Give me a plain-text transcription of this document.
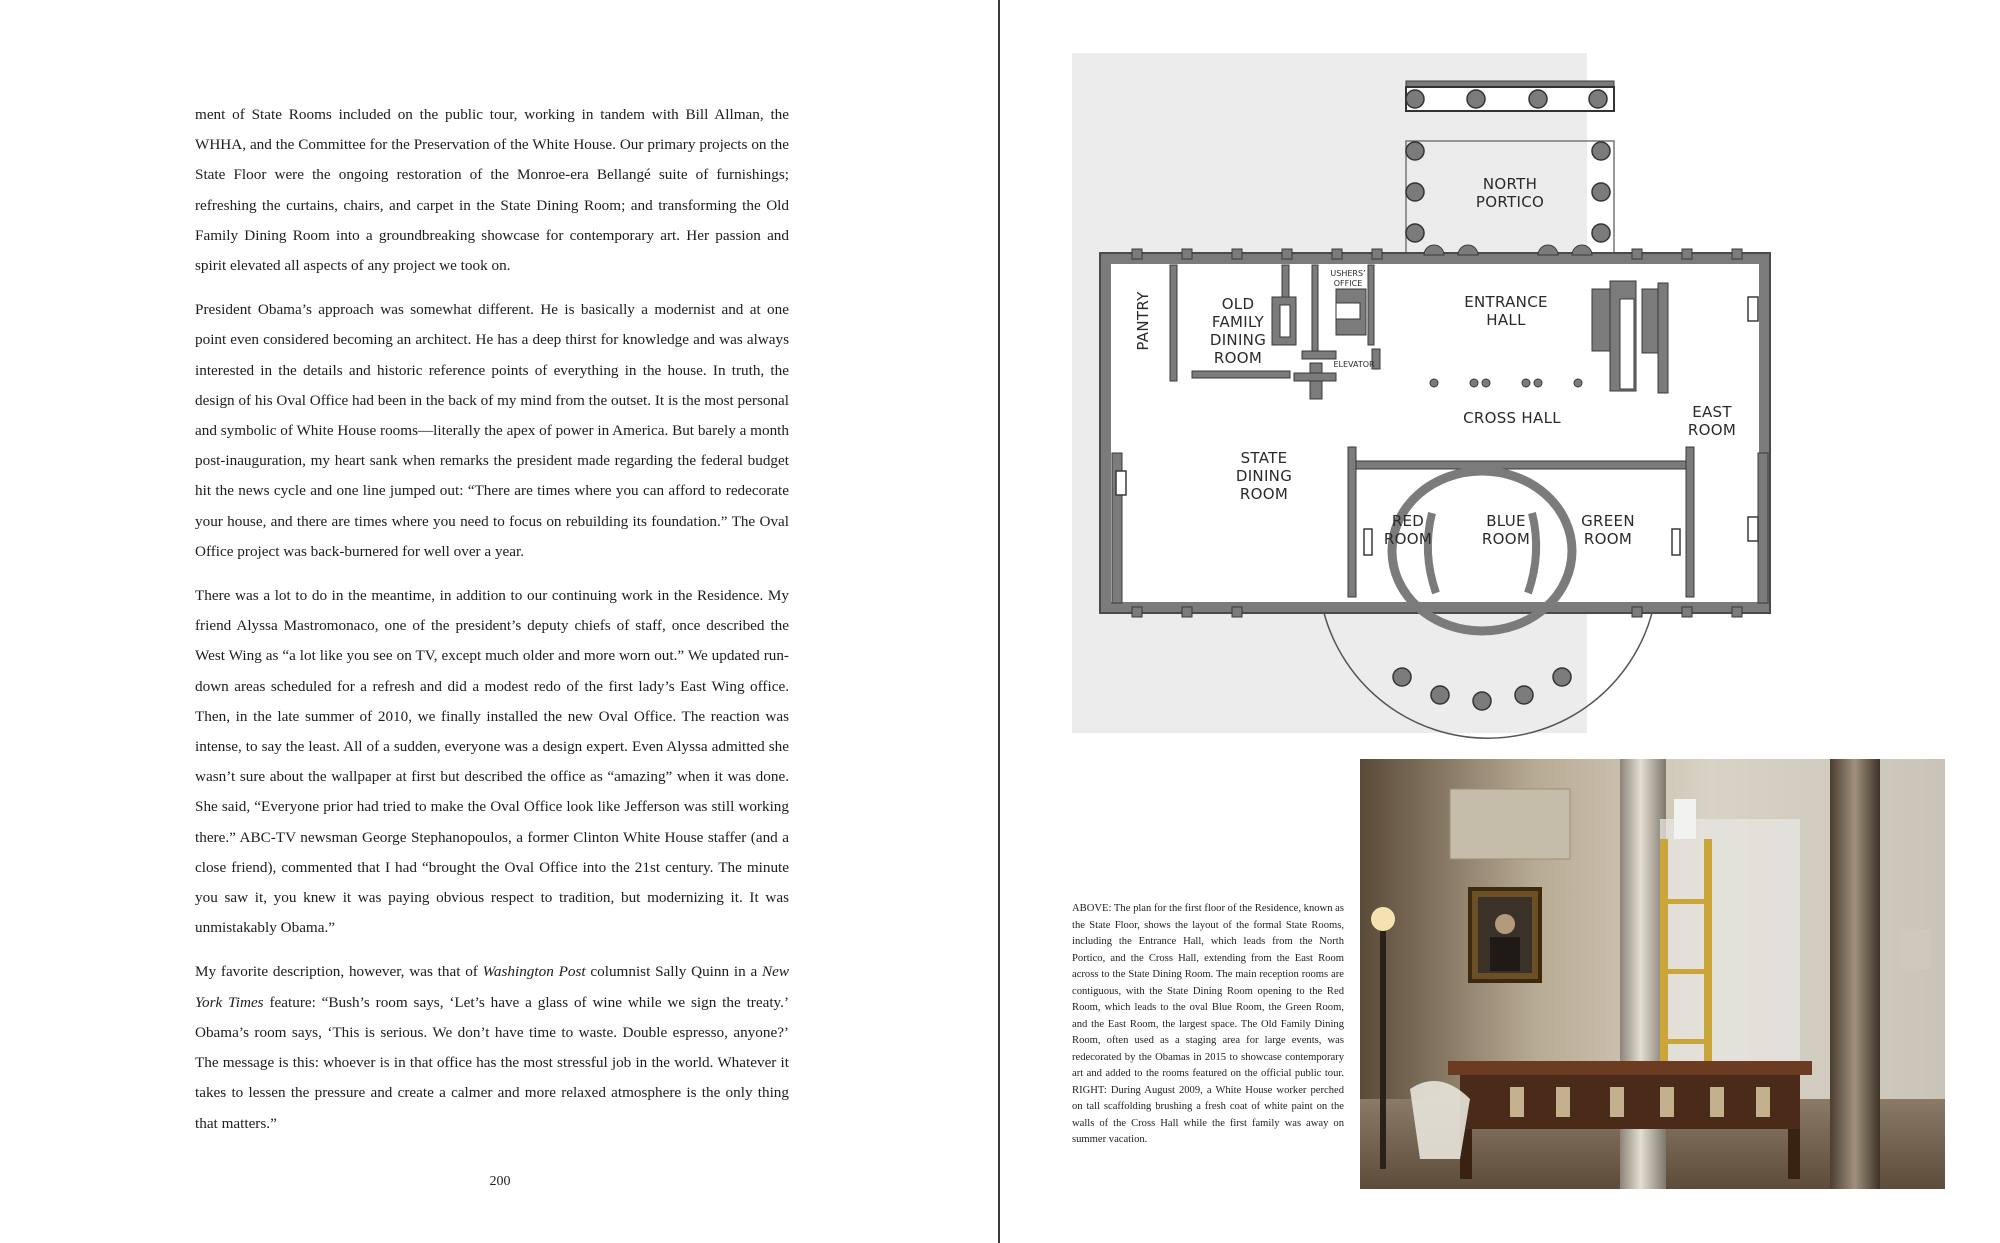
ment of State Rooms included on the public tour, working in tandem with Bill Allman, the WHHA, and the Committee for the Preservation of the White House. Our primary projects on the State Floor were the ongoing restoration of the Monroe-era Bellangé suite of furnishings; refreshing the curtains, chairs, and carpet in the State Dining Room; and transforming the Old Family Dining Room into a groundbreaking showcase for contemporary art. Her passion and spirit elevated all aspects of any project we took on.

President Obama’s approach was somewhat different. He is basically a modernist and at one point even considered becoming an architect. He has a deep thirst for knowledge and was always interested in the details and historic reference points of everything in the house. In truth, the design of his Oval Office had been in the back of my mind from the outset. It is the most personal and symbolic of White House rooms—literally the apex of power in America. But barely a month post-inauguration, my heart sank when remarks the president made regarding the federal budget hit the news cycle and one line jumped out: “There are times where you can afford to redecorate your house, and there are times where you need to focus on rebuilding its foundation.” The Oval Office project was back-burnered for well over a year.

There was a lot to do in the meantime, in addition to our continuing work in the Residence. My friend Alyssa Mastromonaco, one of the president’s deputy chiefs of staff, once described the West Wing as “a lot like you see on TV, except much older and more worn out.” We updated run-down areas scheduled for a refresh and did a modest redo of the first lady’s East Wing office. Then, in the late summer of 2010, we finally installed the new Oval Office. The reaction was intense, to say the least. All of a sudden, everyone was a design expert. Even Alyssa admitted she wasn’t sure about the wallpaper at first but described the office as “amazing” when it was done. She said, “Everyone prior had tried to make the Oval Office look like Jefferson was still working there.” ABC-TV newsman George Stephanopoulos, a former Clinton White House staffer (and a close friend), commented that I had “brought the Oval Office into the 21st century. The minute you saw it, you knew it was paying obvious respect to tradition, but modernizing it. It was unmistakably Obama.”

My favorite description, however, was that of Washington Post columnist Sally Quinn in a New York Times feature: “Bush’s room says, ‘Let’s have a glass of wine while we sign the treaty.’ Obama’s room says, ‘This is serious. We don’t have time to waste. Double espresso, anyone?’ The message is this: whoever is in that office has the most stressful job in the world. Whatever it takes to lessen the pressure and create a calmer and more relaxed atmosphere is the only thing that matters.”

200
NORTH
PORTICO
PANTRY	OLD
FAMILY
DINING
ROOM
USHERS’
OFFICE
ENTRANCE
HALL
ELEVATOR
CROSS HALL	EAST
ROOM
STATE
DINING
ROOM
RED
ROOM
BLUE
ROOM
GREEN
ROOM
ABOVE: The plan for the first floor of the Residence, known as the State Floor, shows the layout of the formal State Rooms, including the Entrance Hall, which leads from the North Portico, and the Cross Hall, extending from the East Room across to the State Dining Room. The main reception rooms are contiguous, with the State Dining Room opening to the Red Room, which leads to the oval Blue Room, the Green Room, and the East Room, the largest space. The Old Family Dining Room, often used as a staging area for large events, was redecorated by the Obamas in 2015 to showcase contemporary art and added to the rooms featured on the official public tour. RIGHT: During August 2009, a White House worker perched on tall scaffolding brushing a fresh coat of white paint on the walls of the Cross Hall while the first family was away on summer vacation.
